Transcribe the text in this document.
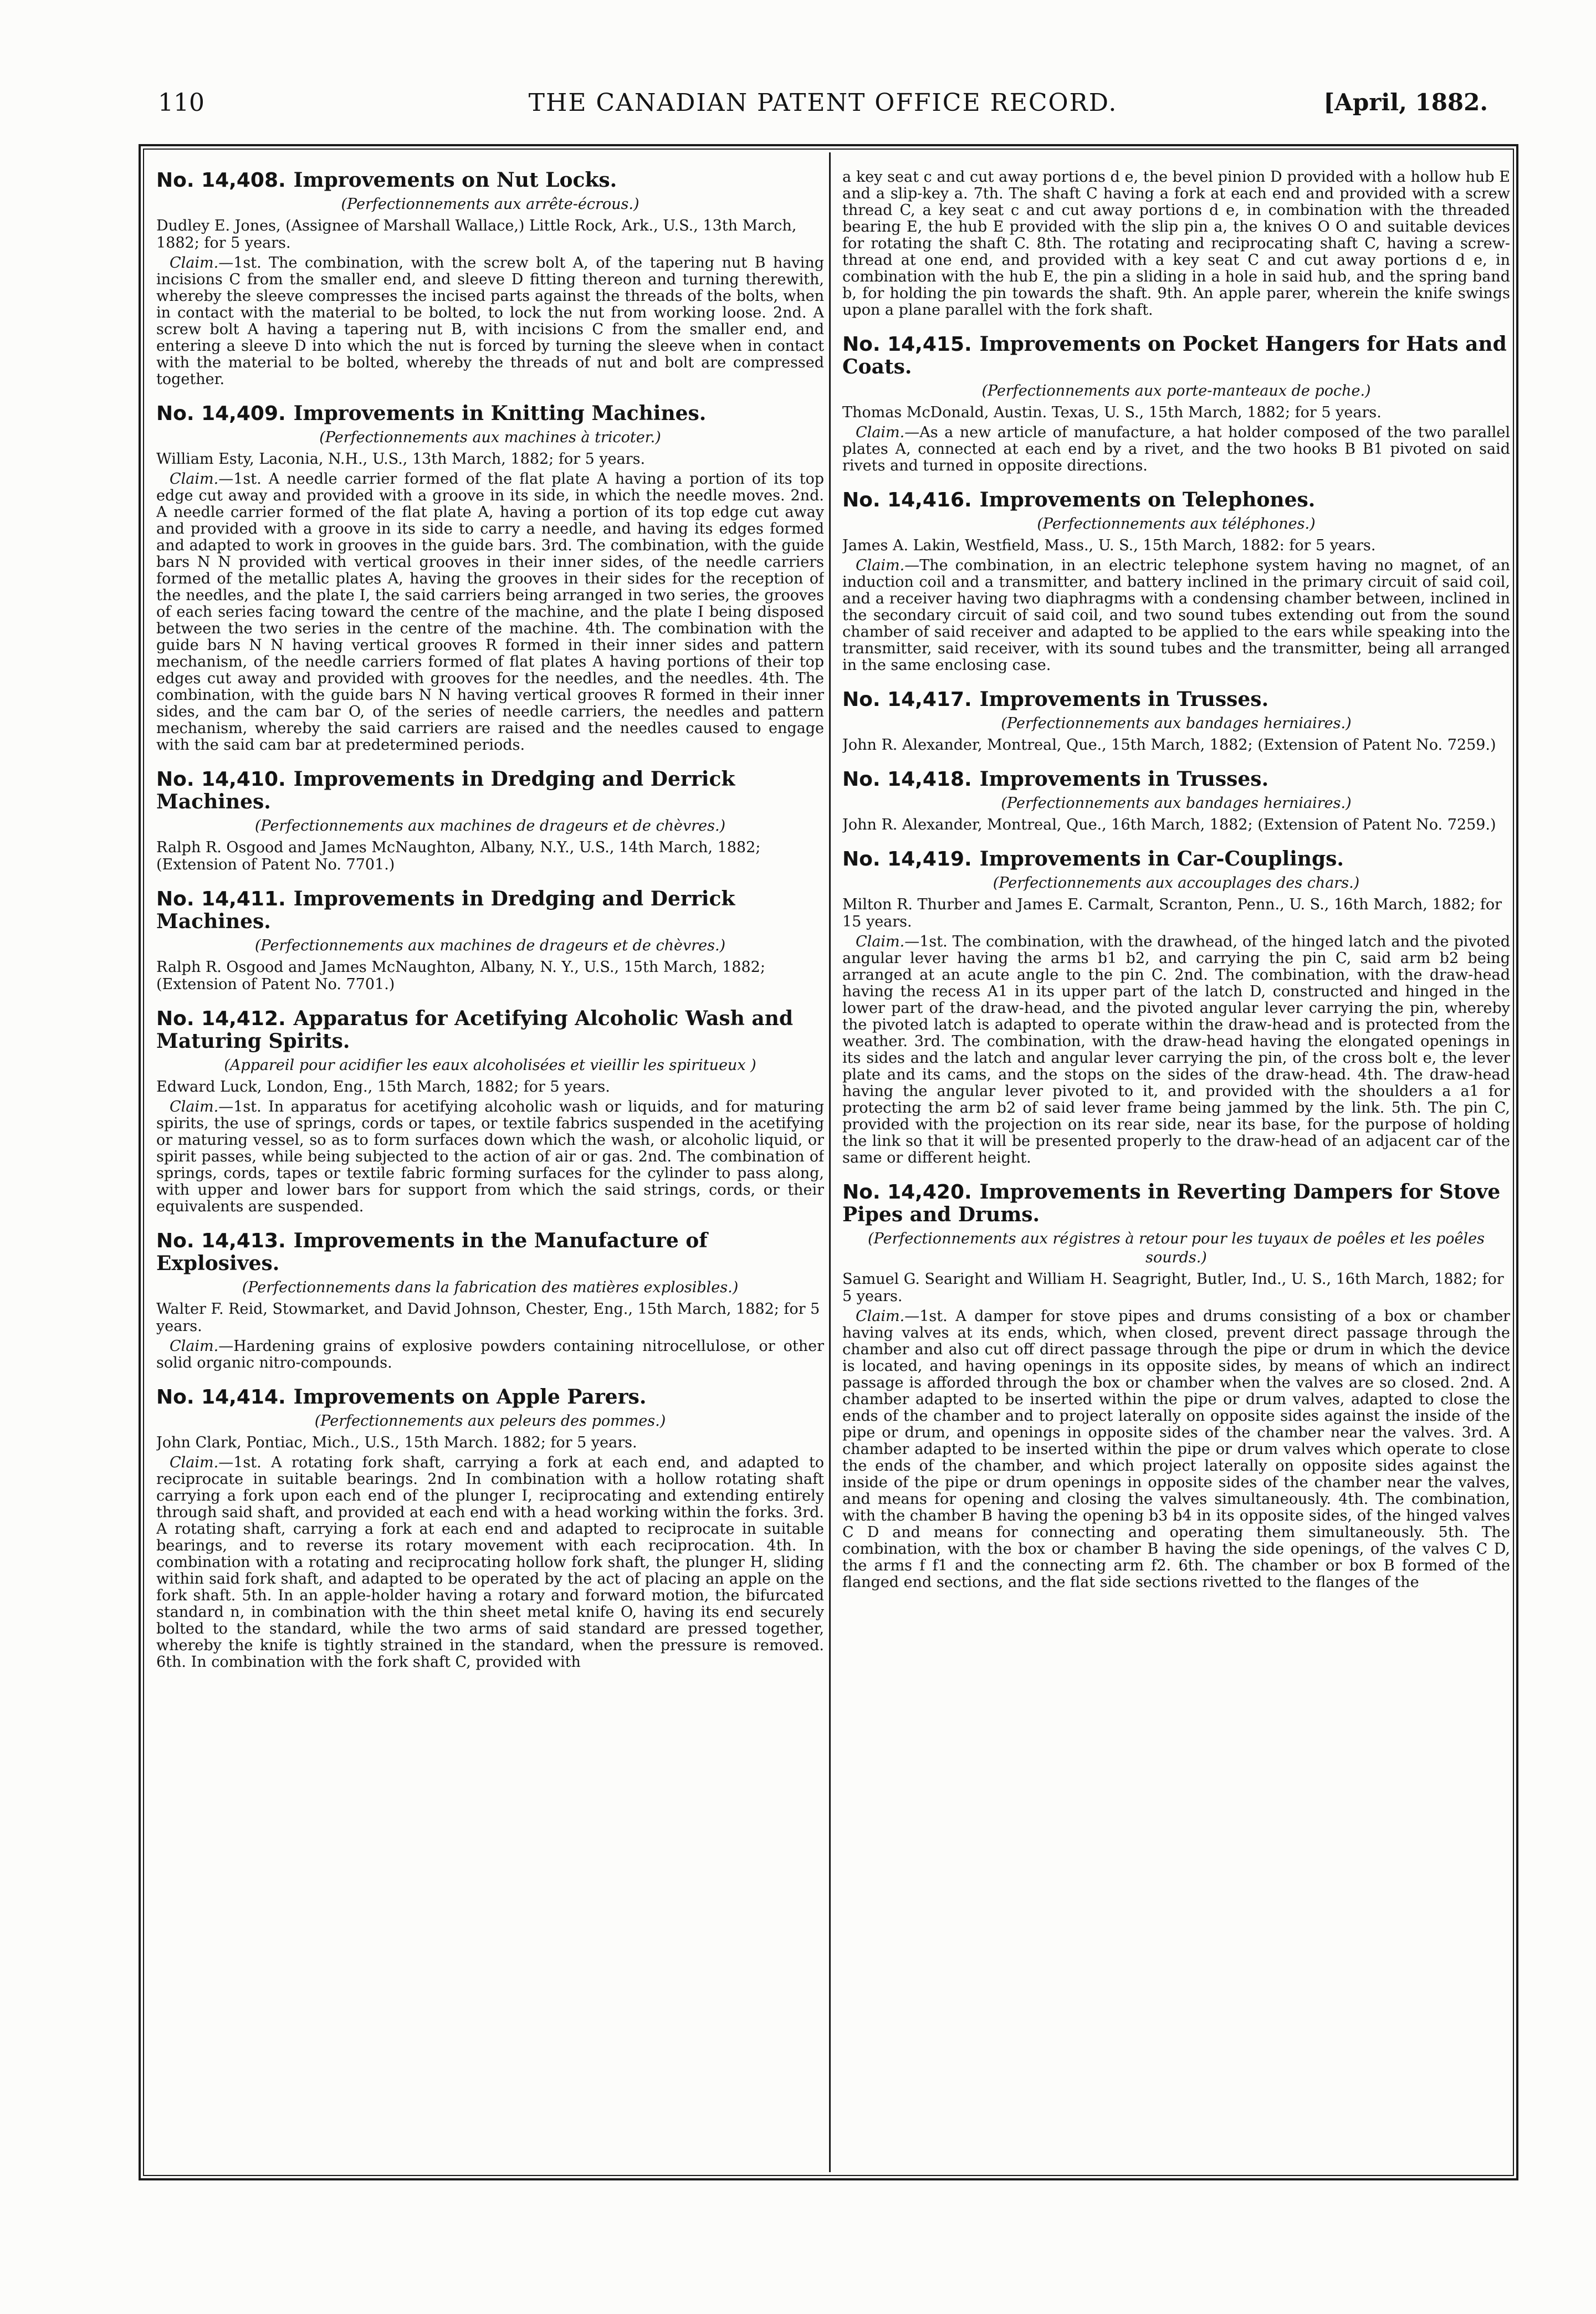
110	THE CANADIAN PATENT OFFICE RECORD.	[April, 1882.
No. 14,408. Improvements on Nut Locks.
(Perfectionnements aux arrête-écrous.)
Dudley E. Jones, (Assignee of Marshall Wallace,) Little Rock, Ark., U.S., 13th March, 1882; for 5 years.

Claim.—1st. The combination, with the screw bolt A, of the tapering nut B having incisions C from the smaller end, and sleeve D fitting thereon and turning therewith, whereby the sleeve compresses the incised parts against the threads of the bolts, when in contact with the material to be bolted, to lock the nut from working loose. 2nd. A screw bolt A having a tapering nut B, with incisions C from the smaller end, and entering a sleeve D into which the nut is forced by turning the sleeve when in contact with the material to be bolted, whereby the threads of nut and bolt are compressed together.

No. 14,409. Improvements in Knitting Machines.
(Perfectionnements aux machines à tricoter.)
William Esty, Laconia, N.H., U.S., 13th March, 1882; for 5 years.

Claim.—1st. A needle carrier formed of the flat plate A having a portion of its top edge cut away and provided with a groove in its side, in which the needle moves. 2nd. A needle carrier formed of the flat plate A, having a portion of its top edge cut away and provided with a groove in its side to carry a needle, and having its edges formed and adapted to work in grooves in the guide bars. 3rd. The combination, with the guide bars N N provided with vertical grooves in their inner sides, of the needle carriers formed of the metallic plates A, having the grooves in their sides for the reception of the needles, and the plate I, the said carriers being arranged in two series, the grooves of each series facing toward the centre of the machine, and the plate I being disposed between the two series in the centre of the machine. 4th. The combination with the guide bars N N having vertical grooves R formed in their inner sides and pattern mechanism, of the needle carriers formed of flat plates A having portions of their top edges cut away and provided with grooves for the needles, and the needles. 4th. The combination, with the guide bars N N having vertical grooves R formed in their inner sides, and the cam bar O, of the series of needle carriers, the needles and pattern mechanism, whereby the said carriers are raised and the needles caused to engage with the said cam bar at predetermined periods.

No. 14,410. Improvements in Dredging and Derrick Machines.
(Perfectionnements aux machines de drageurs et de chèvres.)
Ralph R. Osgood and James McNaughton, Albany, N.Y., U.S., 14th March, 1882; (Extension of Patent No. 7701.)
No. 14,411. Improvements in Dredging and Derrick Machines.
(Perfectionnements aux machines de drageurs et de chèvres.)
Ralph R. Osgood and James McNaughton, Albany, N. Y., U.S., 15th March, 1882; (Extension of Patent No. 7701.)
No. 14,412. Apparatus for Acetifying Alcoholic Wash and Maturing Spirits.
(Appareil pour acidifier les eaux alcoholisées et vieillir les spiritueux )
Edward Luck, London, Eng., 15th March, 1882; for 5 years.

Claim.—1st. In apparatus for acetifying alcoholic wash or liquids, and for maturing spirits, the use of springs, cords or tapes, or textile fabrics suspended in the acetifying or maturing vessel, so as to form surfaces down which the wash, or alcoholic liquid, or spirit passes, while being subjected to the action of air or gas. 2nd. The combination of springs, cords, tapes or textile fabric forming surfaces for the cylinder to pass along, with upper and lower bars for support from which the said strings, cords, or their equivalents are suspended.

No. 14,413. Improvements in the Manufacture of Explosives.
(Perfectionnements dans la fabrication des matières explosibles.)
Walter F. Reid, Stowmarket, and David Johnson, Chester, Eng., 15th March, 1882; for 5 years.

Claim.—Hardening grains of explosive powders containing nitrocellulose, or other solid organic nitro-compounds.

No. 14,414. Improvements on Apple Parers.
(Perfectionnements aux peleurs des pommes.)
John Clark, Pontiac, Mich., U.S., 15th March. 1882; for 5 years.

Claim.—1st. A rotating fork shaft, carrying a fork at each end, and adapted to reciprocate in suitable bearings. 2nd In combination with a hollow rotating shaft carrying a fork upon each end of the plunger I, reciprocating and extending entirely through said shaft, and provided at each end with a head working within the forks. 3rd. A rotating shaft, carrying a fork at each end and adapted to reciprocate in suitable bearings, and to reverse its rotary movement with each reciprocation. 4th. In combination with a rotating and reciprocating hollow fork shaft, the plunger H, sliding within said fork shaft, and adapted to be operated by the act of placing an apple on the fork shaft. 5th. In an apple-holder having a rotary and forward motion, the bifurcated standard n, in combination with the thin sheet metal knife O, having its end securely bolted to the standard, while the two arms of said standard are pressed together, whereby the knife is tightly strained in the standard, when the pressure is removed. 6th. In combination with the fork shaft C, provided with

a key seat c and cut away portions d e, the bevel pinion D provided with a hollow hub E and a slip-key a. 7th. The shaft C having a fork at each end and provided with a screw thread C, a key seat c and cut away portions d e, in combination with the threaded bearing E, the hub E provided with the slip pin a, the knives O O and suitable devices for rotating the shaft C. 8th. The rotating and reciprocating shaft C, having a screw-thread at one end, and provided with a key seat C and cut away portions d e, in combination with the hub E, the pin a sliding in a hole in said hub, and the spring band b, for holding the pin towards the shaft. 9th. An apple parer, wherein the knife swings upon a plane parallel with the fork shaft.

No. 14,415. Improvements on Pocket Hangers for Hats and Coats.
(Perfectionnements aux porte-manteaux de poche.)
Thomas McDonald, Austin. Texas, U. S., 15th March, 1882; for 5 years.

Claim.—As a new article of manufacture, a hat holder composed of the two parallel plates A, connected at each end by a rivet, and the two hooks B B1 pivoted on said rivets and turned in opposite directions.

No. 14,416. Improvements on Telephones.
(Perfectionnements aux téléphones.)
James A. Lakin, Westfield, Mass., U. S., 15th March, 1882: for 5 years.

Claim.—The combination, in an electric telephone system having no magnet, of an induction coil and a transmitter, and battery inclined in the primary circuit of said coil, and a receiver having two diaphragms with a condensing chamber between, inclined in the secondary circuit of said coil, and two sound tubes extending out from the sound chamber of said receiver and adapted to be applied to the ears while speaking into the transmitter, said receiver, with its sound tubes and the transmitter, being all arranged in the same enclosing case.

No. 14,417. Improvements in Trusses.
(Perfectionnements aux bandages herniaires.)
John R. Alexander, Montreal, Que., 15th March, 1882; (Extension of Patent No. 7259.)
No. 14,418. Improvements in Trusses.
(Perfectionnements aux bandages herniaires.)
John R. Alexander, Montreal, Que., 16th March, 1882; (Extension of Patent No. 7259.)
No. 14,419. Improvements in Car-Couplings.
(Perfectionnements aux accouplages des chars.)
Milton R. Thurber and James E. Carmalt, Scranton, Penn., U. S., 16th March, 1882; for 15 years.

Claim.—1st. The combination, with the drawhead, of the hinged latch and the pivoted angular lever having the arms b1 b2, and carrying the pin C, said arm b2 being arranged at an acute angle to the pin C. 2nd. The combination, with the draw-head having the recess A1 in its upper part of the latch D, constructed and hinged in the lower part of the draw-head, and the pivoted angular lever carrying the pin, whereby the pivoted latch is adapted to operate within the draw-head and is protected from the weather. 3rd. The combination, with the draw-head having the elongated openings in its sides and the latch and angular lever carrying the pin, of the cross bolt e, the lever plate and its cams, and the stops on the sides of the draw-head. 4th. The draw-head having the angular lever pivoted to it, and provided with the shoulders a a1 for protecting the arm b2 of said lever frame being jammed by the link. 5th. The pin C, provided with the projection on its rear side, near its base, for the purpose of holding the link so that it will be presented properly to the draw-head of an adjacent car of the same or different height.

No. 14,420. Improvements in Reverting Dampers for Stove Pipes and Drums.
(Perfectionnements aux régistres à retour pour les tuyaux de poêles et les poêles sourds.)
Samuel G. Searight and William H. Seagright, Butler, Ind., U. S., 16th March, 1882; for 5 years.

Claim.—1st. A damper for stove pipes and drums consisting of a box or chamber having valves at its ends, which, when closed, prevent direct passage through the chamber and also cut off direct passage through the pipe or drum in which the device is located, and having openings in its opposite sides, by means of which an indirect passage is afforded through the box or chamber when the valves are so closed. 2nd. A chamber adapted to be inserted within the pipe or drum valves, adapted to close the ends of the chamber and to project laterally on opposite sides against the inside of the pipe or drum, and openings in opposite sides of the chamber near the valves. 3rd. A chamber adapted to be inserted within the pipe or drum valves which operate to close the ends of the chamber, and which project laterally on opposite sides against the inside of the pipe or drum openings in opposite sides of the chamber near the valves, and means for opening and closing the valves simultaneously. 4th. The combination, with the chamber B having the opening b3 b4 in its opposite sides, of the hinged valves C D and means for connecting and operating them simultaneously. 5th. The combination, with the box or chamber B having the side openings, of the valves C D, the arms f f1 and the connecting arm f2. 6th. The chamber or box B formed of the flanged end sections, and the flat side sections rivetted to the flanges of the
